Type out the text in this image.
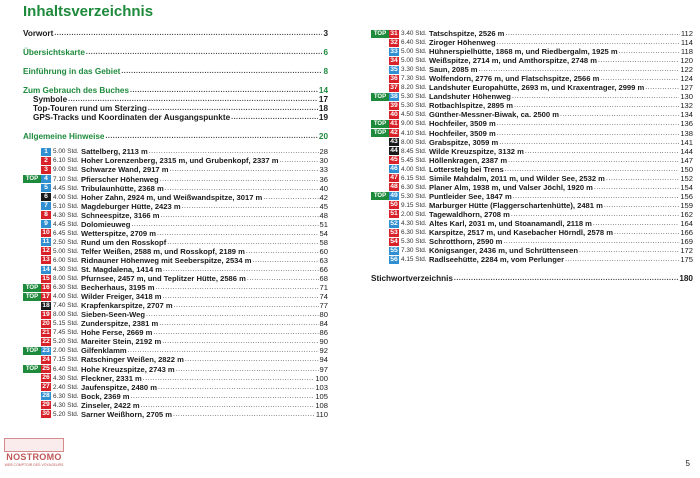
Inhaltsverzeichnis
Vorwort .....	3
Übersichtskarte .....	6
Einführung in das Gebiet .....	8
Zum Gebrauch des Buches .....	14
Symbole .....	17
Top-Touren rund um Sterzing .....	18
GPS-Tracks und Koordinaten der Ausgangspunkte .....	19
Allgemeine Hinweise .....	20
1 5.00 Std. Sattelberg, 2113 m .....	28
2 6.10 Std. Hoher Lorenzenberg, 2315 m, und Grubenkopf, 2337 m .....	30
3 9.00 Std. Schwarze Wand, 2917 m .....	33
TOP 4 7.10 Std. Pfierscher Höhenweg .....	36
5 4.45 Std. Tribulaunhütte, 2368 m .....	40
6 4.00 Std. Hoher Zahn, 2924 m, und Weißwandspitze, 3017 m .....	42
7 5.10 Std. Magdeburger Hütte, 2423 m .....	45
8 4.30 Std. Schneespitze, 3166 m .....	48
9 4.45 Std. Dolomieuweg .....	51
10 6.45 Std. Wetterspitze, 2709 m .....	54
11 2.50 Std. Rund um den Rosskopf .....	58
12 5.00 Std. Telfer Weißen, 2588 m, und Rosskopf, 2189 m .....	60
13 6.00 Std. Ridnauner Höhenweg mit Seeberspitze, 2534 m .....	63
14 4.30 Std. St. Magdalena, 1414 m .....	66
15 8.00 Std. Pfurnsee, 2457 m, und Teplitzer Hütte, 2586 m .....	68
TOP 16 6.30 Std. Becherhaus, 3195 m .....	71
TOP 17 4.00 Std. Wilder Freiger, 3418 m .....	74
18 7.40 Std. Krapfenkarspitze, 2707 m .....	77
19 8.00 Std. Sieben-Seen-Weg .....	80
20 5.15 Std. Zunderspitze, 2381 m .....	84
21 7.45 Std. Hohe Ferse, 2669 m .....	86
22 5.20 Std. Mareiter Stein, 2192 m .....	90
TOP 23 2.00 Std. Gilfenklamm .....	92
24 7.15 Std. Ratschinger Weißen, 2822 m .....	94
TOP 25 6.40 Std. Hohe Kreuzspitze, 2743 m .....	97
26 4.30 Std. Fleckner, 2331 m .....	100
27 2.40 Std. Jaufenspitze, 2480 m .....	103
28 6.30 Std. Bock, 2369 m .....	105
29 4.30 Std. Zinseler, 2422 m .....	108
30 5.20 Std. Sarner Weißhorn, 2705 m .....	110
TOP 31 3.40 Std. Tatschspitze, 2526 m .....	112
32 6.40 Std. Ziroger Höhenweg .....	114
33 5.00 Std. Hühnerspielhütte, 1868 m, und Riedbergalm, 1925 m .....	118
34 5.00 Std. Weißspitze, 2714 m, und Amthorspitze, 2748 m .....	120
35 3.30 Std. Saun, 2085 m .....	122
36 7.30 Std. Wolfendorn, 2776 m, und Flatschspitze, 2566 m .....	124
37 8.20 Std. Landshuter Europahütte, 2693 m, und Kraxentrager, 2999 m .....	127
TOP 38 5.30 Std. Landshuter Höhenweg .....	130
39 5.30 Std. Rotbachlspitze, 2895 m .....	132
40 4.50 Std. Günther-Messner-Biwak, ca. 2500 m .....	134
TOP 41 9.00 Std. Hochfeiler, 3509 m .....	136
TOP 42 4.10 Std. Hochfeiler, 3509 m .....	138
43 8.00 Std. Grabspitze, 3059 m .....	141
44 8.45 Std. Wilde Kreuzspitze, 3132 m .....	144
45 5.45 Std. Höllenkragen, 2387 m .....	147
46 4.00 Std. Lotterstelg bei Trens .....	150
47 6.15 Std. Simile Mahdalm, 2011 m, und Wilder See, 2532 m .....	152
48 6.30 Std. Planer Alm, 1938 m, und Valser Jöchl, 1920 m .....	154
TOP 49 5.30 Std. Puntleider See, 1847 m .....	156
50 9.15 Std. Marburger Hütte (Flaggerschartenhütte), 2481 m .....	159
51 2.00 Std. Tagewaldhorn, 2708 m .....	162
52 4.30 Std. Altes Karl, 2031 m, und Stoanamandl, 2118 m .....	164
53 6.30 Std. Karspitze, 2517 m, und Kasebacher Hörndl, 2578 m .....	166
54 5.30 Std. Schrotthorn, 2590 m .....	169
55 7.30 Std. Königsanger, 2436 m, und Schrüttenseen .....	172
56 4.15 Std. Radlseehütte, 2284 m, vom Perlunger .....	175
Stichwortverzeichnis .....	180
NOSTROMO
WEB COMPTOIR DES VOYAGEURS	5
